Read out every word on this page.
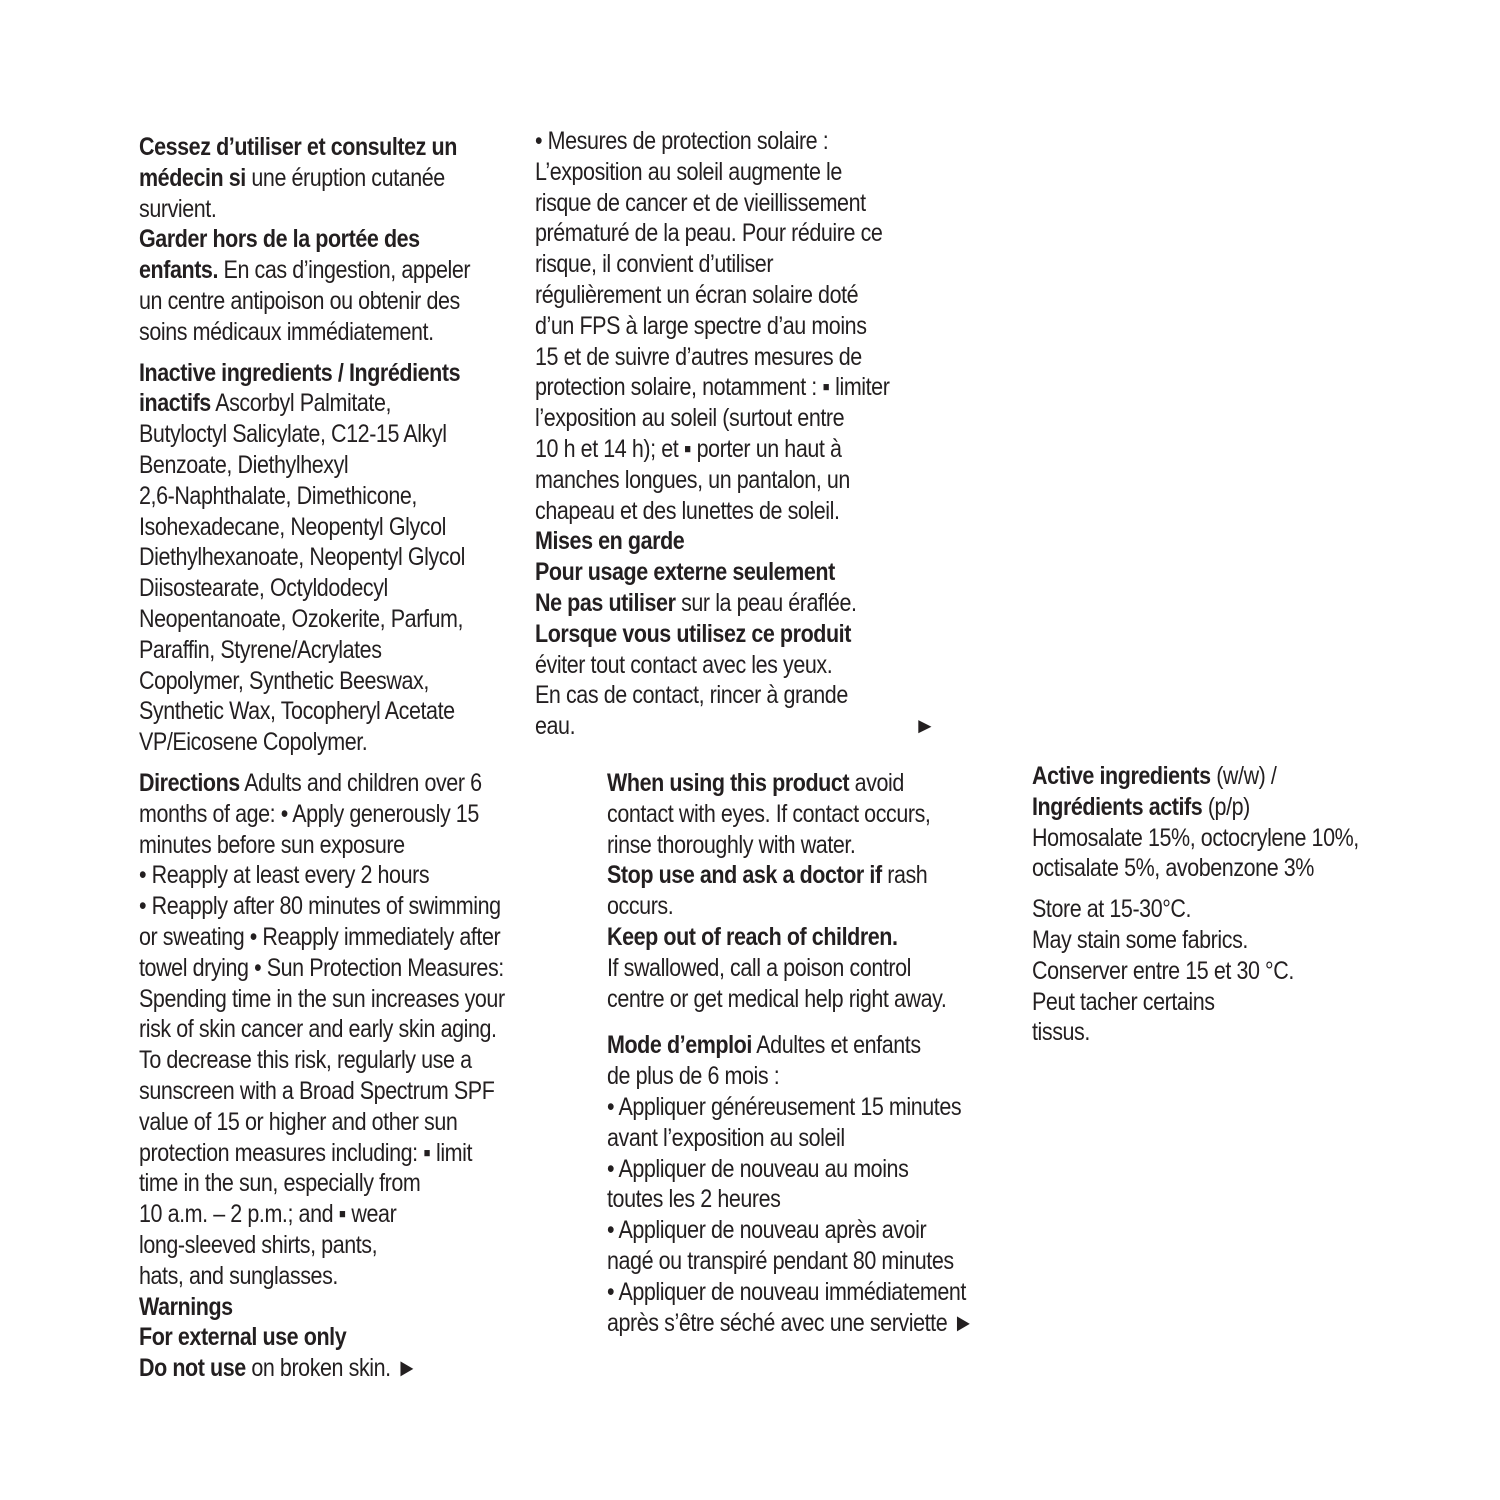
Cessez d’utiliser et consultez un
médecin si une éruption cutanée
survient.
Garder hors de la portée des
enfants. En cas d’ingestion, appeler
un centre antipoison ou obtenir des
soins médicaux immédiatement.
Inactive ingredients / Ingrédients
inactifs Ascorbyl Palmitate,
Butyloctyl Salicylate, C12-15 Alkyl
Benzoate, Diethylhexyl
2,6-Naphthalate, Dimethicone,
Isohexadecane, Neopentyl Glycol
Diethylhexanoate, Neopentyl Glycol
Diisostearate, Octyldodecyl
Neopentanoate, Ozokerite, Parfum,
Paraffin, Styrene/Acrylates
Copolymer, Synthetic Beeswax,
Synthetic Wax, Tocopheryl Acetate
VP/Eicosene Copolymer.
• Mesures de protection solaire :
L’exposition au soleil augmente le
risque de cancer et de vieillissement
prématuré de la peau. Pour réduire ce
risque, il convient d’utiliser
régulièrement un écran solaire doté
d’un FPS à large spectre d’au moins
15 et de suivre d’autres mesures de
protection solaire, notamment : ▪ limiter
l’exposition au soleil (surtout entre
10 h et 14 h); et ▪ porter un haut à
manches longues, un pantalon, un
chapeau et des lunettes de soleil.
Mises en garde
Pour usage externe seulement
Ne pas utiliser sur la peau éraflée.
Lorsque vous utilisez ce produit
éviter tout contact avec les yeux.
En cas de contact, rincer à grande
eau.	►
Directions Adults and children over 6
months of age: • Apply generously 15
minutes before sun exposure
• Reapply at least every 2 hours
• Reapply after 80 minutes of swimming
or sweating • Reapply immediately after
towel drying • Sun Protection Measures:
Spending time in the sun increases your
risk of skin cancer and early skin aging.
To decrease this risk, regularly use a
sunscreen with a Broad Spectrum SPF
value of 15 or higher and other sun
protection measures including: ▪ limit
time in the sun, especially from
10 a.m. – 2 p.m.; and ▪ wear
long-sleeved shirts, pants,
hats, and sunglasses.
Warnings
For external use only
Do not use on broken skin. ►
When using this product avoid
contact with eyes. If contact occurs,
rinse thoroughly with water.
Stop use and ask a doctor if rash
occurs.
Keep out of reach of children.
If swallowed, call a poison control
centre or get medical help right away.
Mode d’emploi Adultes et enfants
de plus de 6 mois :
• Appliquer généreusement 15 minutes
avant l’exposition au soleil
• Appliquer de nouveau au moins
toutes les 2 heures
• Appliquer de nouveau après avoir
nagé ou transpiré pendant 80 minutes
• Appliquer de nouveau immédiatement
après s’être séché avec une serviette ►
Active ingredients (w/w) /
Ingrédients actifs (p/p)
Homosalate 15%, octocrylene 10%,
octisalate 5%, avobenzone 3%
Store at 15-30°C.
May stain some fabrics.
Conserver entre 15 et 30 °C.
Peut tacher certains
tissus.
